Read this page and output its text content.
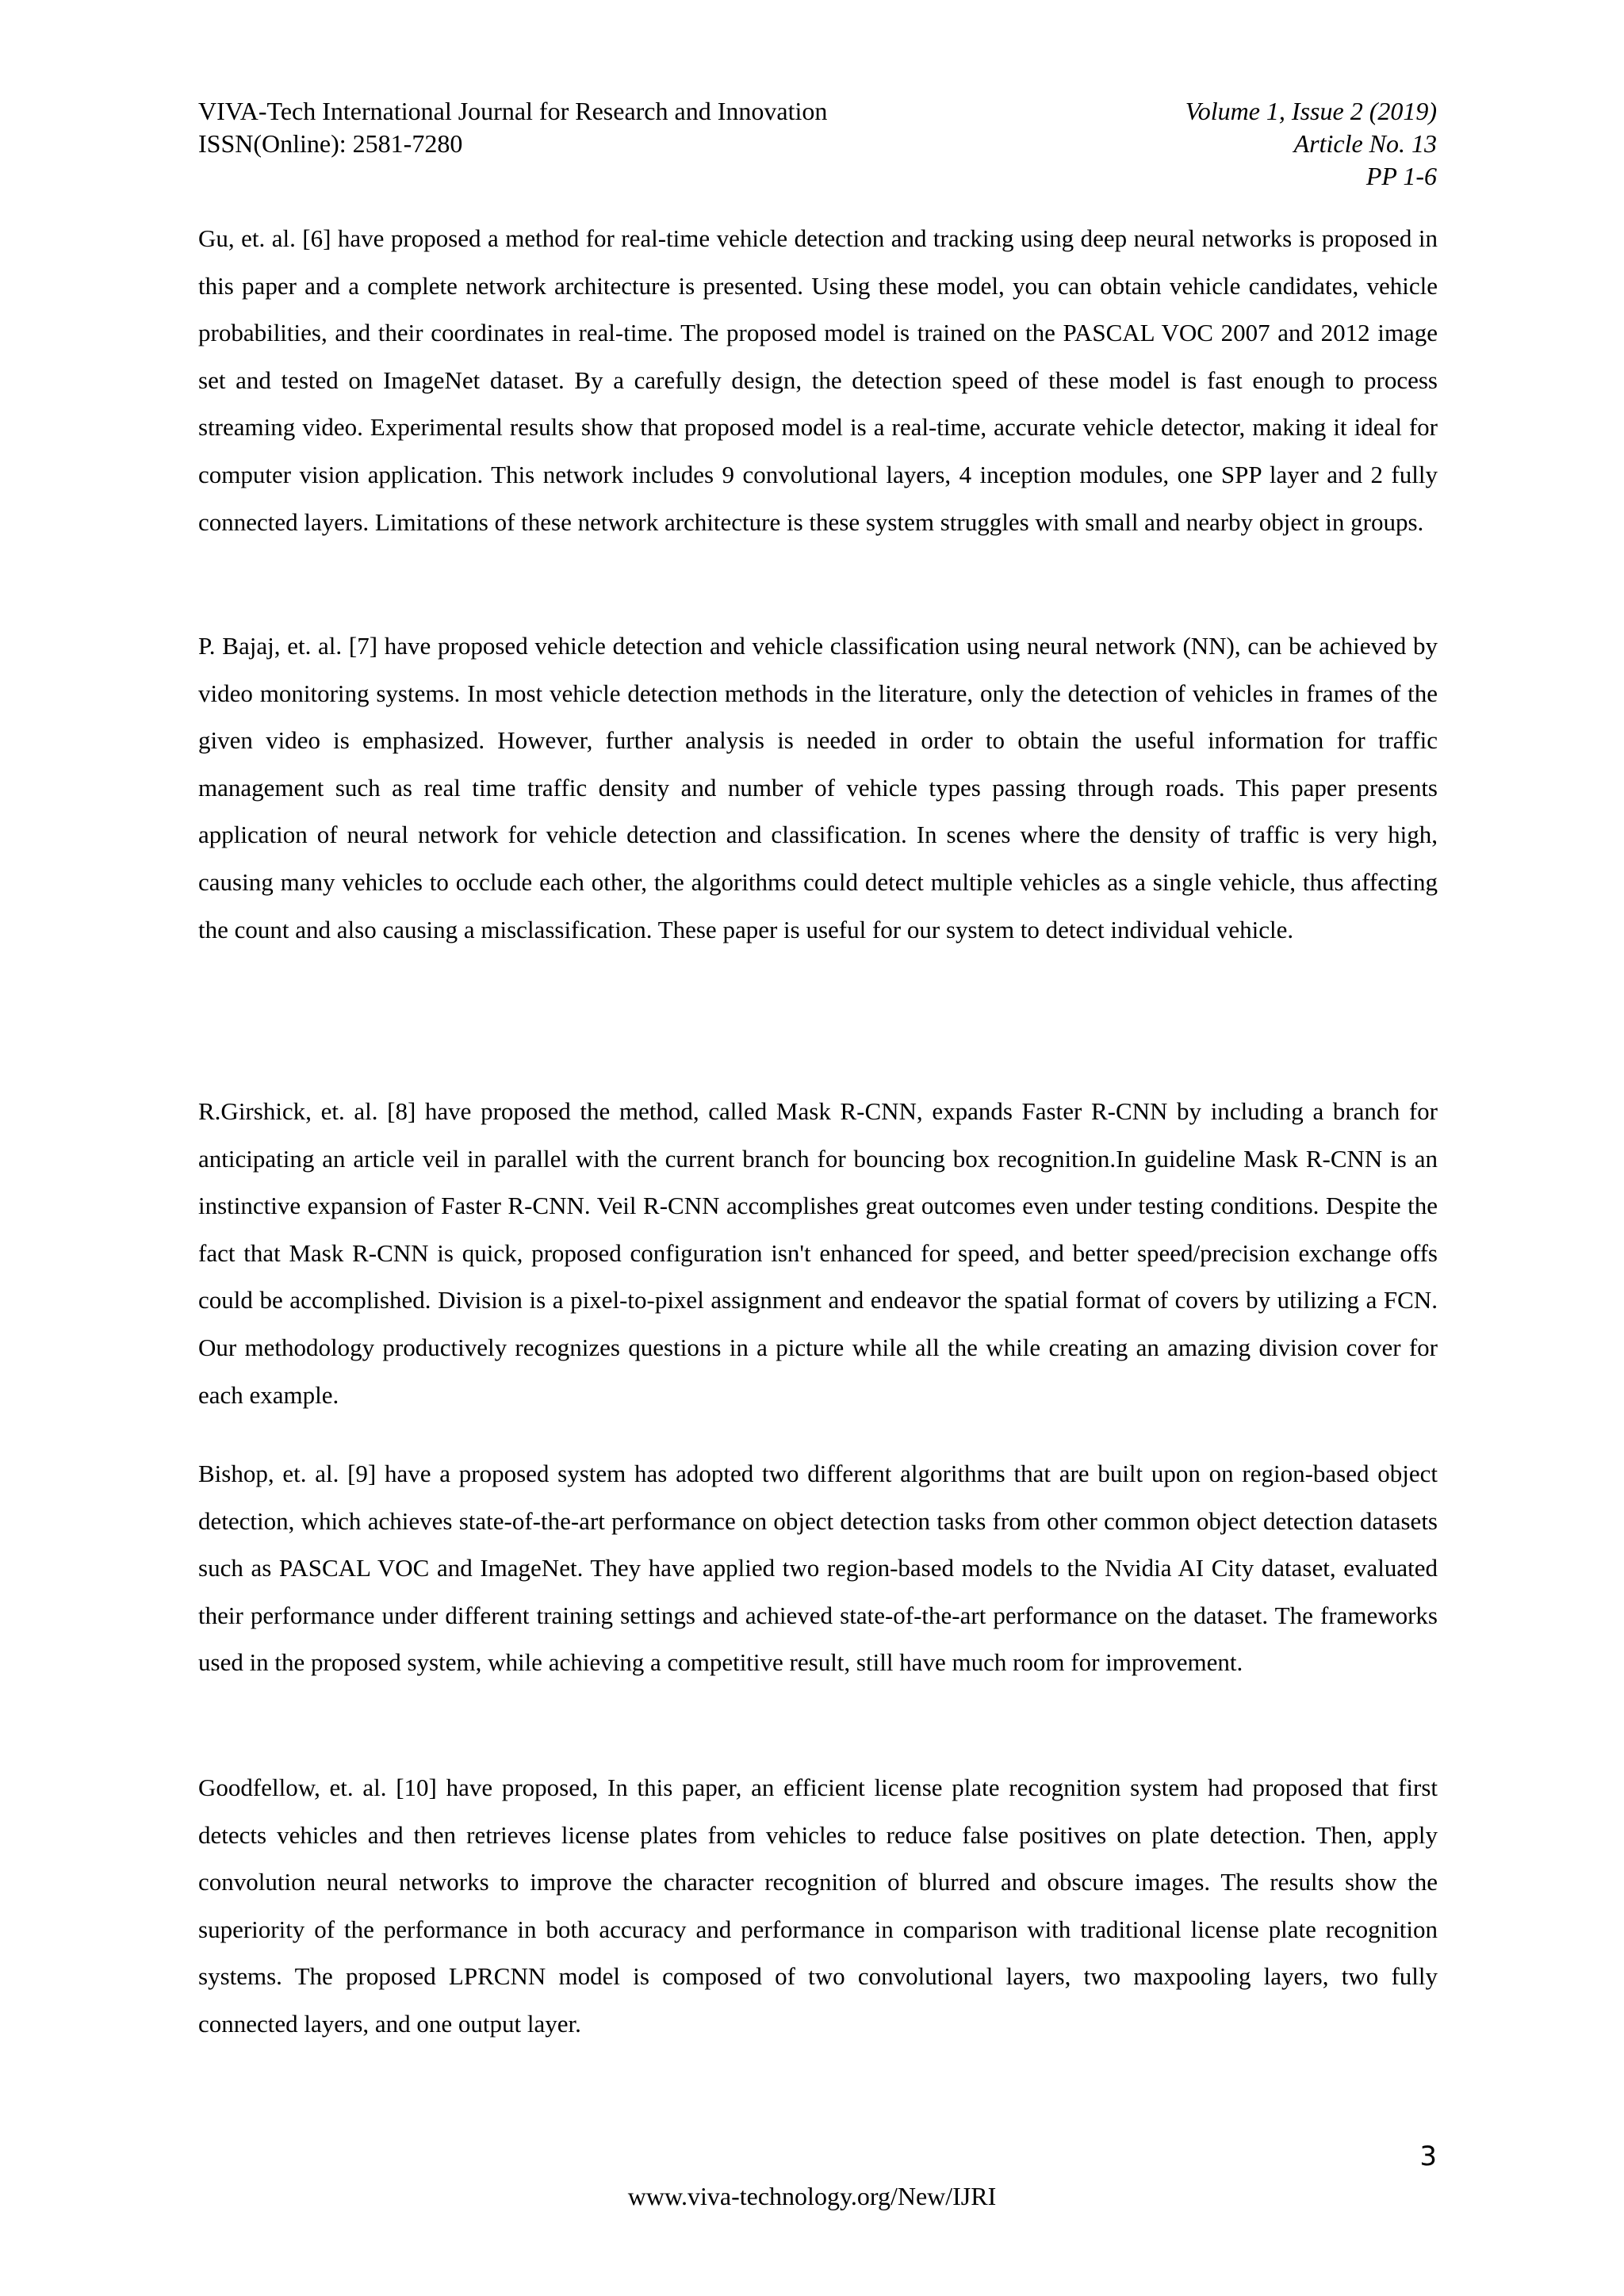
VIVA-Tech International Journal for Research and Innovation
ISSN(Online): 2581-7280
Volume 1, Issue 2 (2019)
Article No. 13
PP 1-6

Gu, et. al. [6] have proposed a method for real-time vehicle detection and tracking using deep neural networks is proposed in this paper and a complete network architecture is presented. Using these model, you can obtain vehicle candidates, vehicle probabilities, and their coordinates in real-time. The proposed model is trained on the PASCAL VOC 2007 and 2012 image set and tested on ImageNet dataset. By a carefully design, the detection speed of these model is fast enough to process streaming video. Experimental results show that proposed model is a real-time, accurate vehicle detector, making it ideal for computer vision application. This network includes 9 convolutional layers, 4 inception modules, one SPP layer and 2 fully connected layers. Limitations of these network architecture is these system struggles with small and nearby object in groups.

P. Bajaj, et. al. [7] have proposed vehicle detection and vehicle classification using neural network (NN), can be achieved by video monitoring systems. In most vehicle detection methods in the literature, only the detection of vehicles in frames of the given video is emphasized. However, further analysis is needed in order to obtain the useful information for traffic management such as real time traffic density and number of vehicle types passing through roads. This paper presents application of neural network for vehicle detection and classification. In scenes where the density of traffic is very high, causing many vehicles to occlude each other, the algorithms could detect multiple vehicles as a single vehicle, thus affecting the count and also causing a misclassification. These paper is useful for our system to detect individual vehicle.

R.Girshick, et. al. [8] have proposed the method, called Mask R-CNN, expands Faster R-CNN by including a branch for anticipating an article veil in parallel with the current branch for bouncing box recognition.In guideline Mask R-CNN is an instinctive expansion of Faster R-CNN. Veil R-CNN accomplishes great outcomes even under testing conditions. Despite the fact that Mask R-CNN is quick, proposed configuration isn't enhanced for speed, and better speed/precision exchange offs could be accomplished. Division is a pixel-to-pixel assignment and endeavor the spatial format of covers by utilizing a FCN. Our methodology productively recognizes questions in a picture while all the while creating an amazing division cover for each example.

Bishop, et. al. [9] have a proposed system has adopted two different algorithms that are built upon on region-based object detection, which achieves state-of-the-art performance on object detection tasks from other common object detection datasets such as PASCAL VOC and ImageNet. They have applied two region-based models to the Nvidia AI City dataset, evaluated their performance under different training settings and achieved state-of-the-art performance on the dataset. The frameworks used in the proposed system, while achieving a competitive result, still have much room for improvement.

Goodfellow, et. al. [10] have proposed, In this paper, an efficient license plate recognition system had proposed that first detects vehicles and then retrieves license plates from vehicles to reduce false positives on plate detection. Then, apply convolution neural networks to improve the character recognition of blurred and obscure images. The results show the superiority of the performance in both accuracy and performance in comparison with traditional license plate recognition systems. The proposed LPRCNN model is composed of two convolutional layers, two maxpooling layers, two fully connected layers, and one output layer.

3
www.viva-technology.org/New/IJRI
